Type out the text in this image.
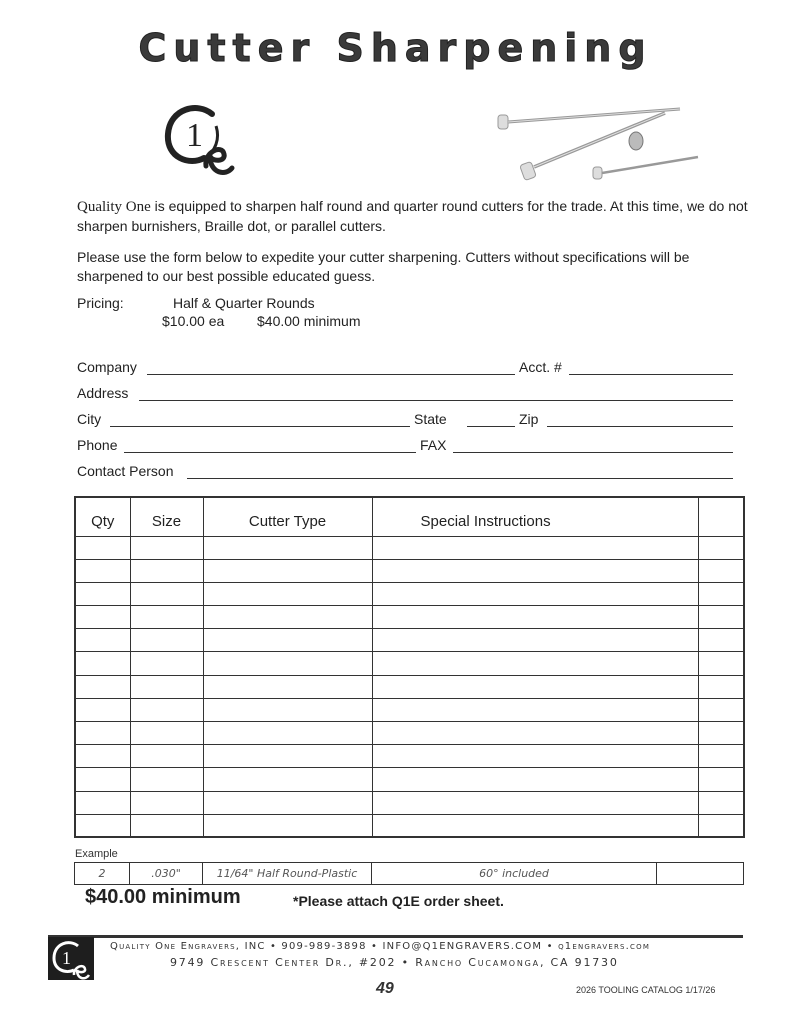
Cutter Sharpening
1

Quality One is equipped to sharpen half round and quarter round cutters for the trade. At this time, we do not sharpen burnishers, Braille dot, or parallel cutters.

Please use the form below to expedite your cutter sharpening. Cutters without specifications will be sharpened to our best possible educated guess.

Pricing:	Half & Quarter Rounds
$10.00 ea $40.00 minimum
Company	Acct. #
Address
City	State	Zip
Phone	FAX
Contact Person
Qty	Size	Cutter Type	Special Instructions	

Example
2	.030"	11/64" Half Round-Plastic	60° included	
$40.00 minimum	*Please attach Q1E order sheet.
1
Quality One Engravers, INC • 909-989-3898 • INFO@Q1ENGRAVERS.COM • q1engravers.com
9749 Crescent Center Dr., #202 • Rancho Cucamonga, CA 91730
49	2026 TOOLING CATALOG 1/17/26
